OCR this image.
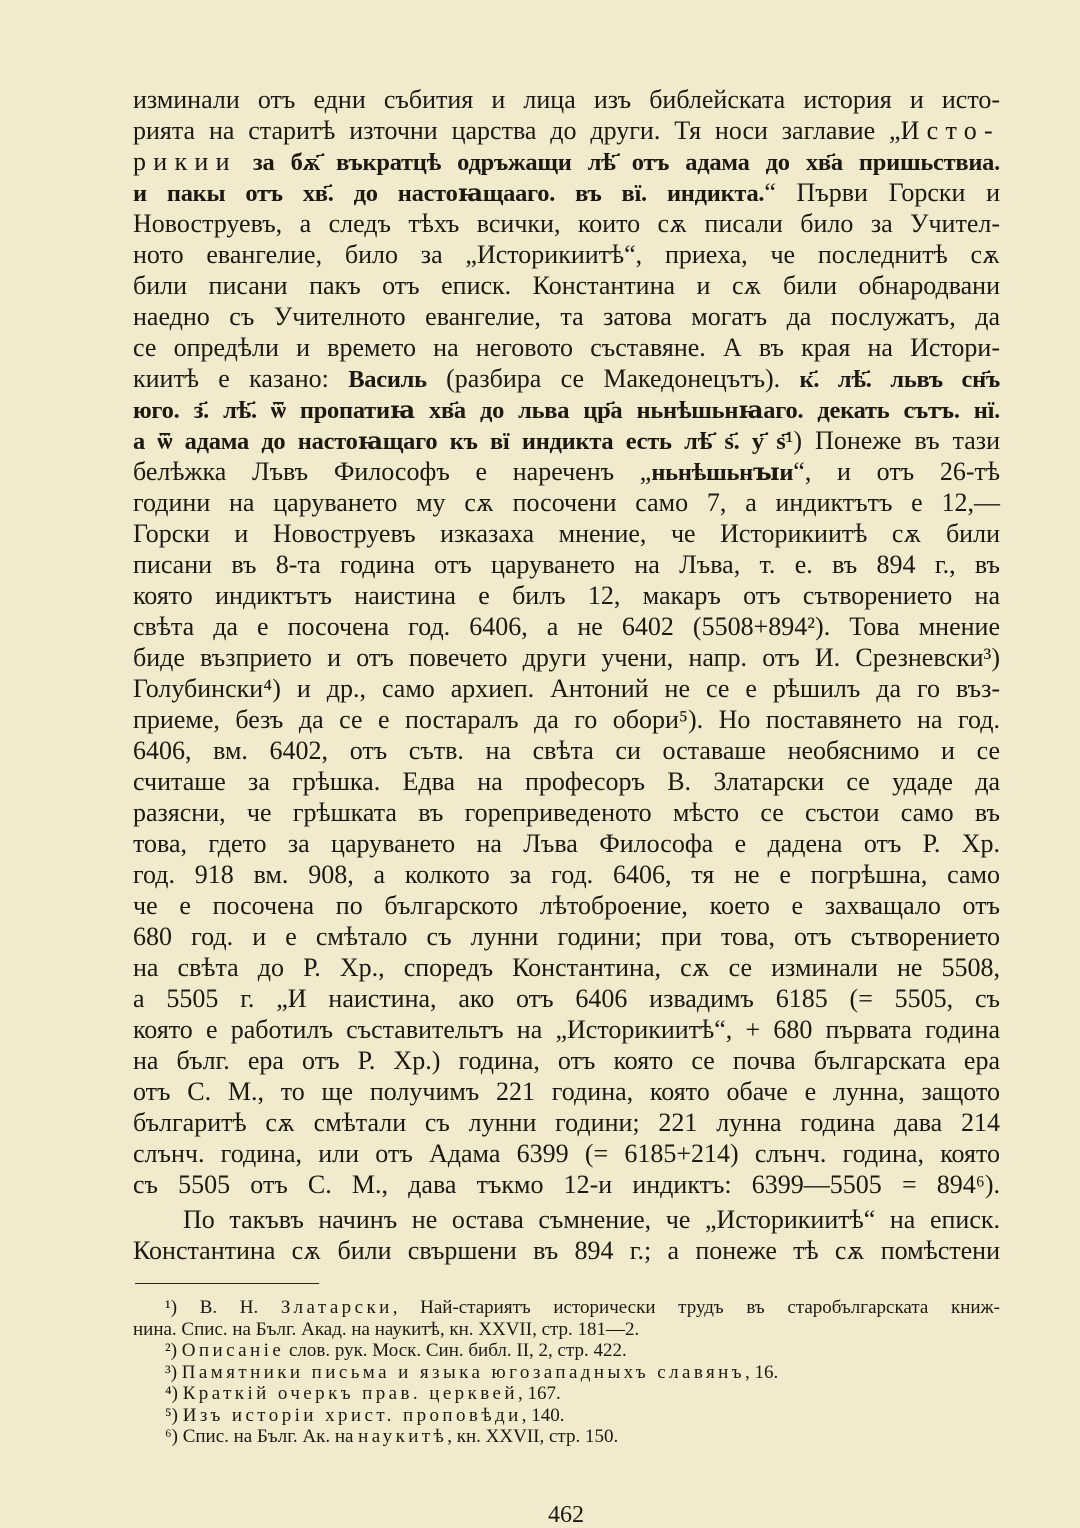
изминали отъ едни събития и лица изъ библейската история и исто-
рията на старитѣ източни царства до други. Тя носи заглавие „Исто-
рикии за бѫ҃ въкратцѣ одръжащи лѣ҃ отъ адама до хв҃а пришьствиа.
и пакы отъ хв҃. до настоꙗщааго. въ вї. индикта.“ Първи Горски и
Новоструевъ, а следъ тѣхъ всички, които сѫ писали било за Учител-
ното евангелие, било за „Историкиитѣ“, приеха, че последнитѣ сѫ
били писани пакъ отъ еписк. Константина и сѫ били обнародвани
наедно съ Учителното евангелие, та затова могатъ да послужатъ, да
се опредѣли и времето на неговото съставяне. А въ края на Истори-
киитѣ е казано: Василь (разбира се Македонецътъ). к҃. лѣ҃. львъ сн҃ъ
юго. з҃. лѣ҃. ѿ пропатиꙗ хв҃а до льва цр҃а ньнѣшьнꙗаго. декать сътъ. нї.
а ѿ адама до настоꙗщаго къ вї индикта есть лѣ҃ ѕ҃. у҃ ѕ҃¹) Понеже въ тази
белѣжка Лъвъ Философъ е нареченъ „ньнѣшьнꙑи“, и отъ 26-тѣ
години на царуването му сѫ посочени само 7, а индиктътъ е 12,—
Горски и Новоструевъ изказаха мнение, че Историкиитѣ сѫ били
писани въ 8-та година отъ царуването на Лъва, т. е. въ 894 г., въ
която индиктътъ наистина е билъ 12, макаръ отъ сътворението на
свѣта да е посочена год. 6406, а не 6402 (5508+894²). Това мнение
биде възприето и отъ повечето други учени, напр. отъ И. Срезневски³)
Голубински⁴) и др., само архиеп. Антоний не се е рѣшилъ да го въз-
приеме, безъ да се е постаралъ да го обори⁵). Но поставянето на год.
6406, вм. 6402, отъ сътв. на свѣта си оставаше необяснимо и се
считаше за грѣшка. Едва на професоръ В. Златарски се удаде да
разясни, че грѣшката въ гореприведеното мѣсто се състои само въ
това, гдето за царуването на Лъва Философа е дадена отъ Р. Хр.
год. 918 вм. 908, а колкото за год. 6406, тя не е погрѣшна, само
че е посочена по българското лѣтоброение, което е захващало отъ
680 год. и е смѣтало съ лунни години; при това, отъ сътворението
на свѣта до Р. Хр., споредъ Константина, сѫ се изминали не 5508,
а 5505 г. „И наистина, ако отъ 6406 извадимъ 6185 (= 5505, съ
която е работилъ съставительтъ на „Историкиитѣ“, + 680 първата година
на бълг. ера отъ Р. Хр.) година, отъ която се почва българската ера
отъ С. М., то ще получимъ 221 година, която обаче е лунна, защото
българитѣ сѫ смѣтали съ лунни години; 221 лунна година дава 214
слънч. година, или отъ Адама 6399 (= 6185+214) слънч. година, която
съ 5505 отъ С. М., дава тъкмо 12-и индиктъ: 6399—5505 = 894⁶).
По такъвъ начинъ не остава съмнение, че „Историкиитѣ“ на еписк.
Константина сѫ били свършени въ 894 г.; а понеже тѣ сѫ помѣстени
¹) В. Н. Златарски, Най-стариятъ исторически трудъ въ старобългарската книж-
нина. Спис. на Бълг. Акад. на наукитѣ, кн. XXVII, стр. 181—2.
²) Описанiе слов. рук. Моск. Син. библ. II, 2, стр. 422.
³) Памятники письма и языка югозападныхъ славянъ, 16.
⁴) Краткiй очеркъ прав. церквей, 167.
⁵) Изъ исторiи христ. проповѣди, 140.
⁶) Спис. на Бълг. Ак. на наукитѣ, кн. XXVII, стр. 150.
462
